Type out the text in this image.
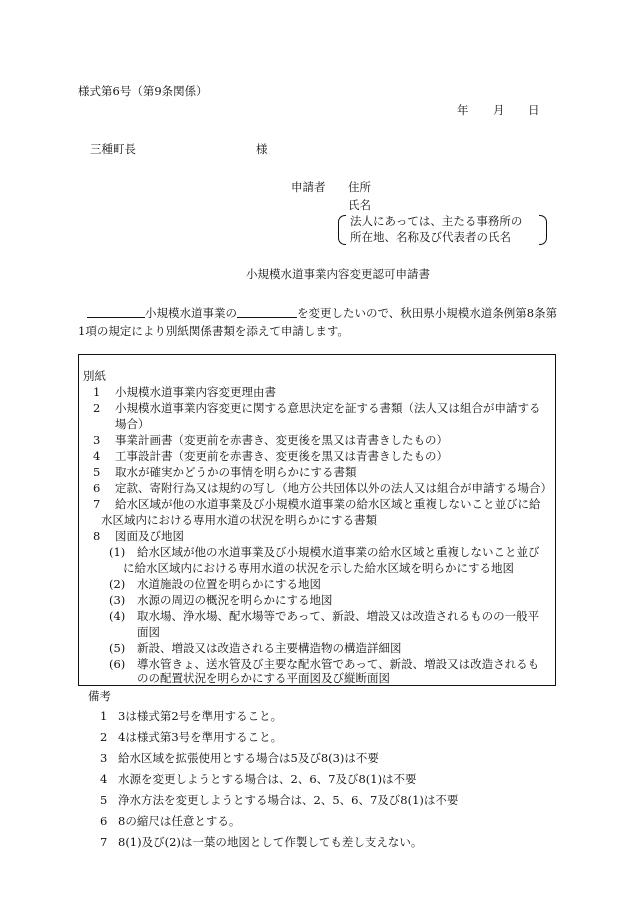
様式第6号（第9条関係）
年 月 日
三種町長	様
申請者 住所
氏名
法人にあっては、主たる事務所の
所在地、名称及び代表者の氏名
小規模水道事業内容変更認可申請書
小規模水道事業の	を変更したいので、秋田県小規模水道条例第8条第
1項の規定により別紙関係書類を添えて申請します。
別紙
1 小規模水道事業内容変更理由書
2 小規模水道事業内容変更に関する意思決定を証する書類（法人又は組合が申請する
場合）
3 事業計画書（変更前を赤書き、変更後を黒又は青書きしたもの）
4 工事設計書（変更前を赤書き、変更後を黒又は青書きしたもの）
5 取水が確実かどうかの事情を明らかにする書類
6 定款、寄附行為又は規約の写し（地方公共団体以外の法人又は組合が申請する場合）
7 給水区域が他の水道事業及び小規模水道事業の給水区域と重複しないこと並びに給
水区域内における専用水道の状況を明らかにする書類
8 図面及び地図
(1) 給水区域が他の水道事業及び小規模水道事業の給水区域と重複しないこと並び
に給水区域内における専用水道の状況を示した給水区域を明らかにする地図
(2) 水道施設の位置を明らかにする地図
(3) 水源の周辺の概況を明らかにする地図
(4) 取水場、浄水場、配水場等であって、新設、増設又は改造されるものの一般平
面図
(5) 新設、増設又は改造される主要構造物の構造詳細図
(6) 導水管きょ、送水管及び主要な配水管であって、新設、増設又は改造されるも
のの配置状況を明らかにする平面図及び縦断面図
備考
1 3は様式第2号を準用すること。
2 4は様式第3号を準用すること。
3 給水区域を拡張使用とする場合は5及び8(3)は不要
4 水源を変更しようとする場合は、2、6、7及び8(1)は不要
5 浄水方法を変更しようとする場合は、2、5、6、7及び8(1)は不要
6 8の縮尺は任意とする。
7 8(1)及び(2)は一葉の地図として作製しても差し支えない。
